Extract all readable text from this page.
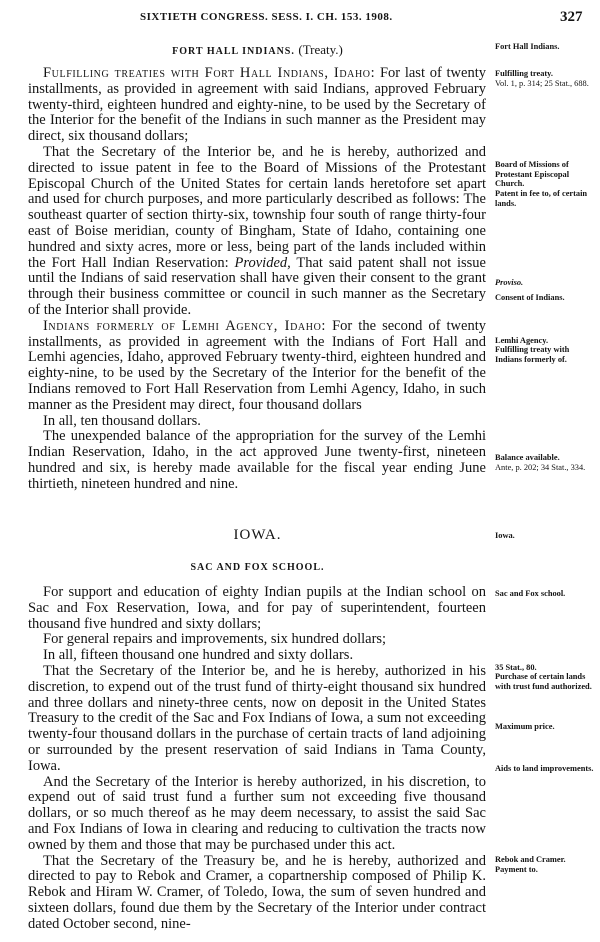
SIXTIETH CONGRESS. SESS. I. CH. 153. 1908.	327
FORT HALL INDIANS. (Treaty.)

Fulfilling treaties with Fort Hall Indians, Idaho: For last of twenty installments, as provided in agreement with said Indians, approved February twenty-third, eighteen hundred and eighty-nine, to be used by the Secretary of the Interior for the benefit of the Indians in such manner as the President may direct, six thousand dollars;

That the Secretary of the Interior be, and he is hereby, authorized and directed to issue patent in fee to the Board of Missions of the Protestant Episcopal Church of the United States for certain lands heretofore set apart and used for church purposes, and more particularly described as follows: The southeast quarter of section thirty-six, township four south of range thirty-four east of Boise meridian, county of Bingham, State of Idaho, containing one hundred and sixty acres, more or less, being part of the lands included within the Fort Hall Indian Reservation: Provided, That said patent shall not issue until the Indians of said reservation shall have given their consent to the grant through their business committee or council in such manner as the Secretary of the Interior shall provide.

Indians formerly of Lemhi Agency, Idaho: For the second of twenty installments, as provided in agreement with the Indians of Fort Hall and Lemhi agencies, Idaho, approved February twenty-third, eighteen hundred and eighty-nine, to be used by the Secretary of the Interior for the benefit of the Indians removed to Fort Hall Reservation from Lemhi Agency, Idaho, in such manner as the President may direct, four thousand dollars

In all, ten thousand dollars.

The unexpended balance of the appropriation for the survey of the Lemhi Indian Reservation, Idaho, in the act approved June twenty-first, nineteen hundred and six, is hereby made available for the fiscal year ending June thirtieth, nineteen hundred and nine.

IOWA.
SAC AND FOX SCHOOL.

For support and education of eighty Indian pupils at the Indian school on Sac and Fox Reservation, Iowa, and for pay of superintendent, fourteen thousand five hundred and sixty dollars;

For general repairs and improvements, six hundred dollars;

In all, fifteen thousand one hundred and sixty dollars.

That the Secretary of the Interior be, and he is hereby, authorized in his discretion, to expend out of the trust fund of thirty-eight thousand six hundred and three dollars and ninety-three cents, now on deposit in the United States Treasury to the credit of the Sac and Fox Indians of Iowa, a sum not exceeding twenty-four thousand dollars in the purchase of certain tracts of land adjoining or surrounded by the present reservation of said Indians in Tama County, Iowa.

And the Secretary of the Interior is hereby authorized, in his discretion, to expend out of said trust fund a further sum not exceeding five thousand dollars, or so much thereof as he may deem necessary, to assist the said Sac and Fox Indians of Iowa in clearing and reducing to cultivation the tracts now owned by them and those that may be purchased under this act.

That the Secretary of the Treasury be, and he is hereby, authorized and directed to pay to Rebok and Cramer, a copartnership composed of Philip K. Rebok and Hiram W. Cramer, of Toledo, Iowa, the sum of seven hundred and sixteen dollars, found due them by the Secretary of the Interior under contract dated October second, nine-

Fort Hall Indians.
Fulfilling treaty.
Vol. 1, p. 314; 25 Stat., 688.
Board of Missions of Protestant Episcopal Church.
Patent in fee to, of certain lands.
Proviso.
Consent of Indians.
Lemhi Agency.
Fulfilling treaty with Indians formerly of.
Balance available.
Ante, p. 202; 34 Stat., 334.
Iowa.
Sac and Fox school.
35 Stat., 80.
Purchase of certain lands with trust fund authorized.
Maximum price.
Aids to land improvements.
Rebok and Cramer.
Payment to.
